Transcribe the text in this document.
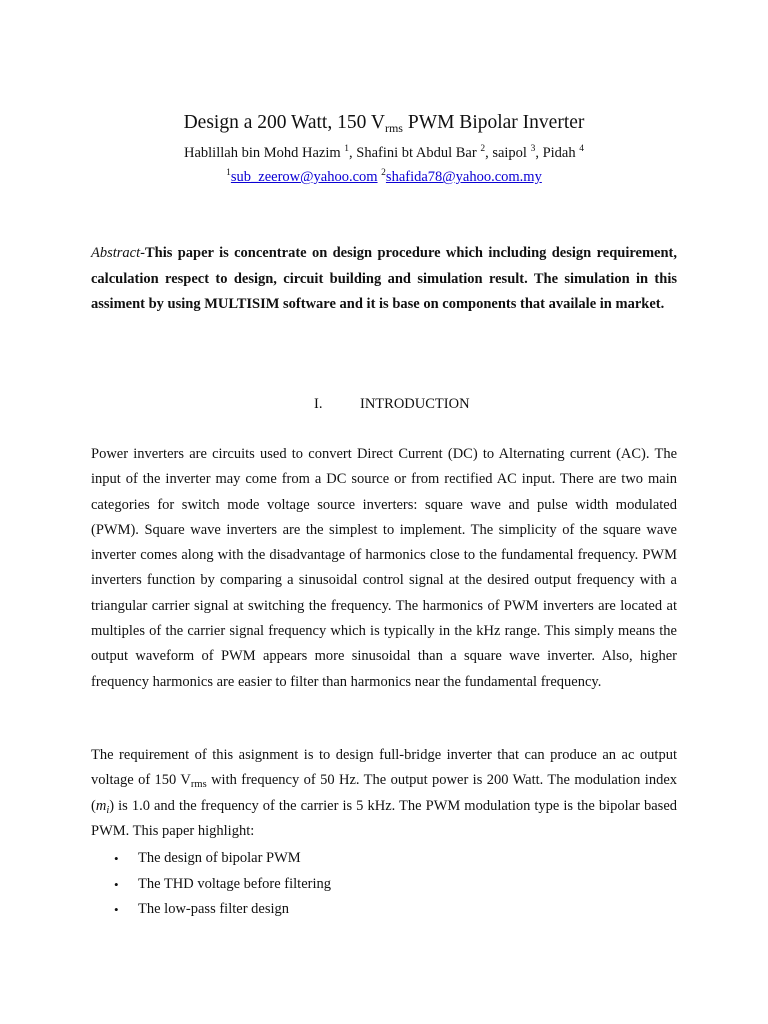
Design a 200 Watt, 150 $V_{rms}$ PWM Bipolar Inverter
Hablillah bin Mohd Hazim $^1$, Shafini bt Abdul Bar $^2$, saipol $^3$, Pidah $^4$
$^1$sub_zeerow@yahoo.com $^2$shafida78@yahoo.com.my
Abstract-This paper is concentrate on design procedure which including design requirement, calculation respect to design, circuit building and simulation result. The simulation in this assiment by using MULTISIM software and it is base on components that availale in market.
I.	INTRODUCTION

Power inverters are circuits used to convert Direct Current (DC) to Alternating current (AC). The input of the inverter may come from a DC source or from rectified AC input. There are two main categories for switch mode voltage source inverters: square wave and pulse width modulated (PWM). Square wave inverters are the simplest to implement. The simplicity of the square wave inverter comes along with the disadvantage of harmonics close to the fundamental frequency. PWM inverters function by comparing a sinusoidal control signal at the desired output frequency with a triangular carrier signal at switching the frequency. The harmonics of PWM inverters are located at multiples of the carrier signal frequency which is typically in the kHz range. This simply means the output waveform of PWM appears more sinusoidal than a square wave inverter. Also, higher frequency harmonics are easier to filter than harmonics near the fundamental frequency.

The requirement of this asignment is to design full-bridge inverter that can produce an ac output voltage of 150 $V_{rms}$ with frequency of 50 Hz. The output power is 200 Watt. The modulation index $(m_i)$ is 1.0 and the frequency of the carrier is 5 kHz. The PWM modulation type is the bipolar based PWM. This paper highlight:

• The design of bipolar PWM
• The THD voltage before filtering
• The low-pass filter design
